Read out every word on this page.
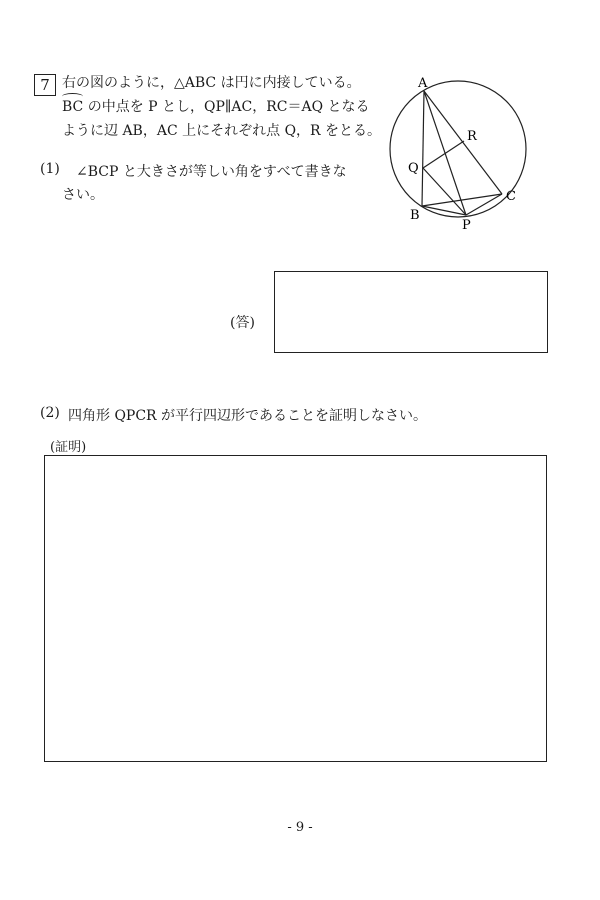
7 右の図のように，△ABC は円に内接している。
BC の中点を P とし，QP∥AC，RC＝AQ となる
ように辺 AB，AC 上にそれぞれ点 Q，R をとる。
(1) ∠BCP と大きさが等しい角をすべて書きな
さい。
(答)
(2) 四角形 QPCR が平行四辺形であることを証明しなさい。
(証明)
A
B
C
P
Q
R
- 9 -
